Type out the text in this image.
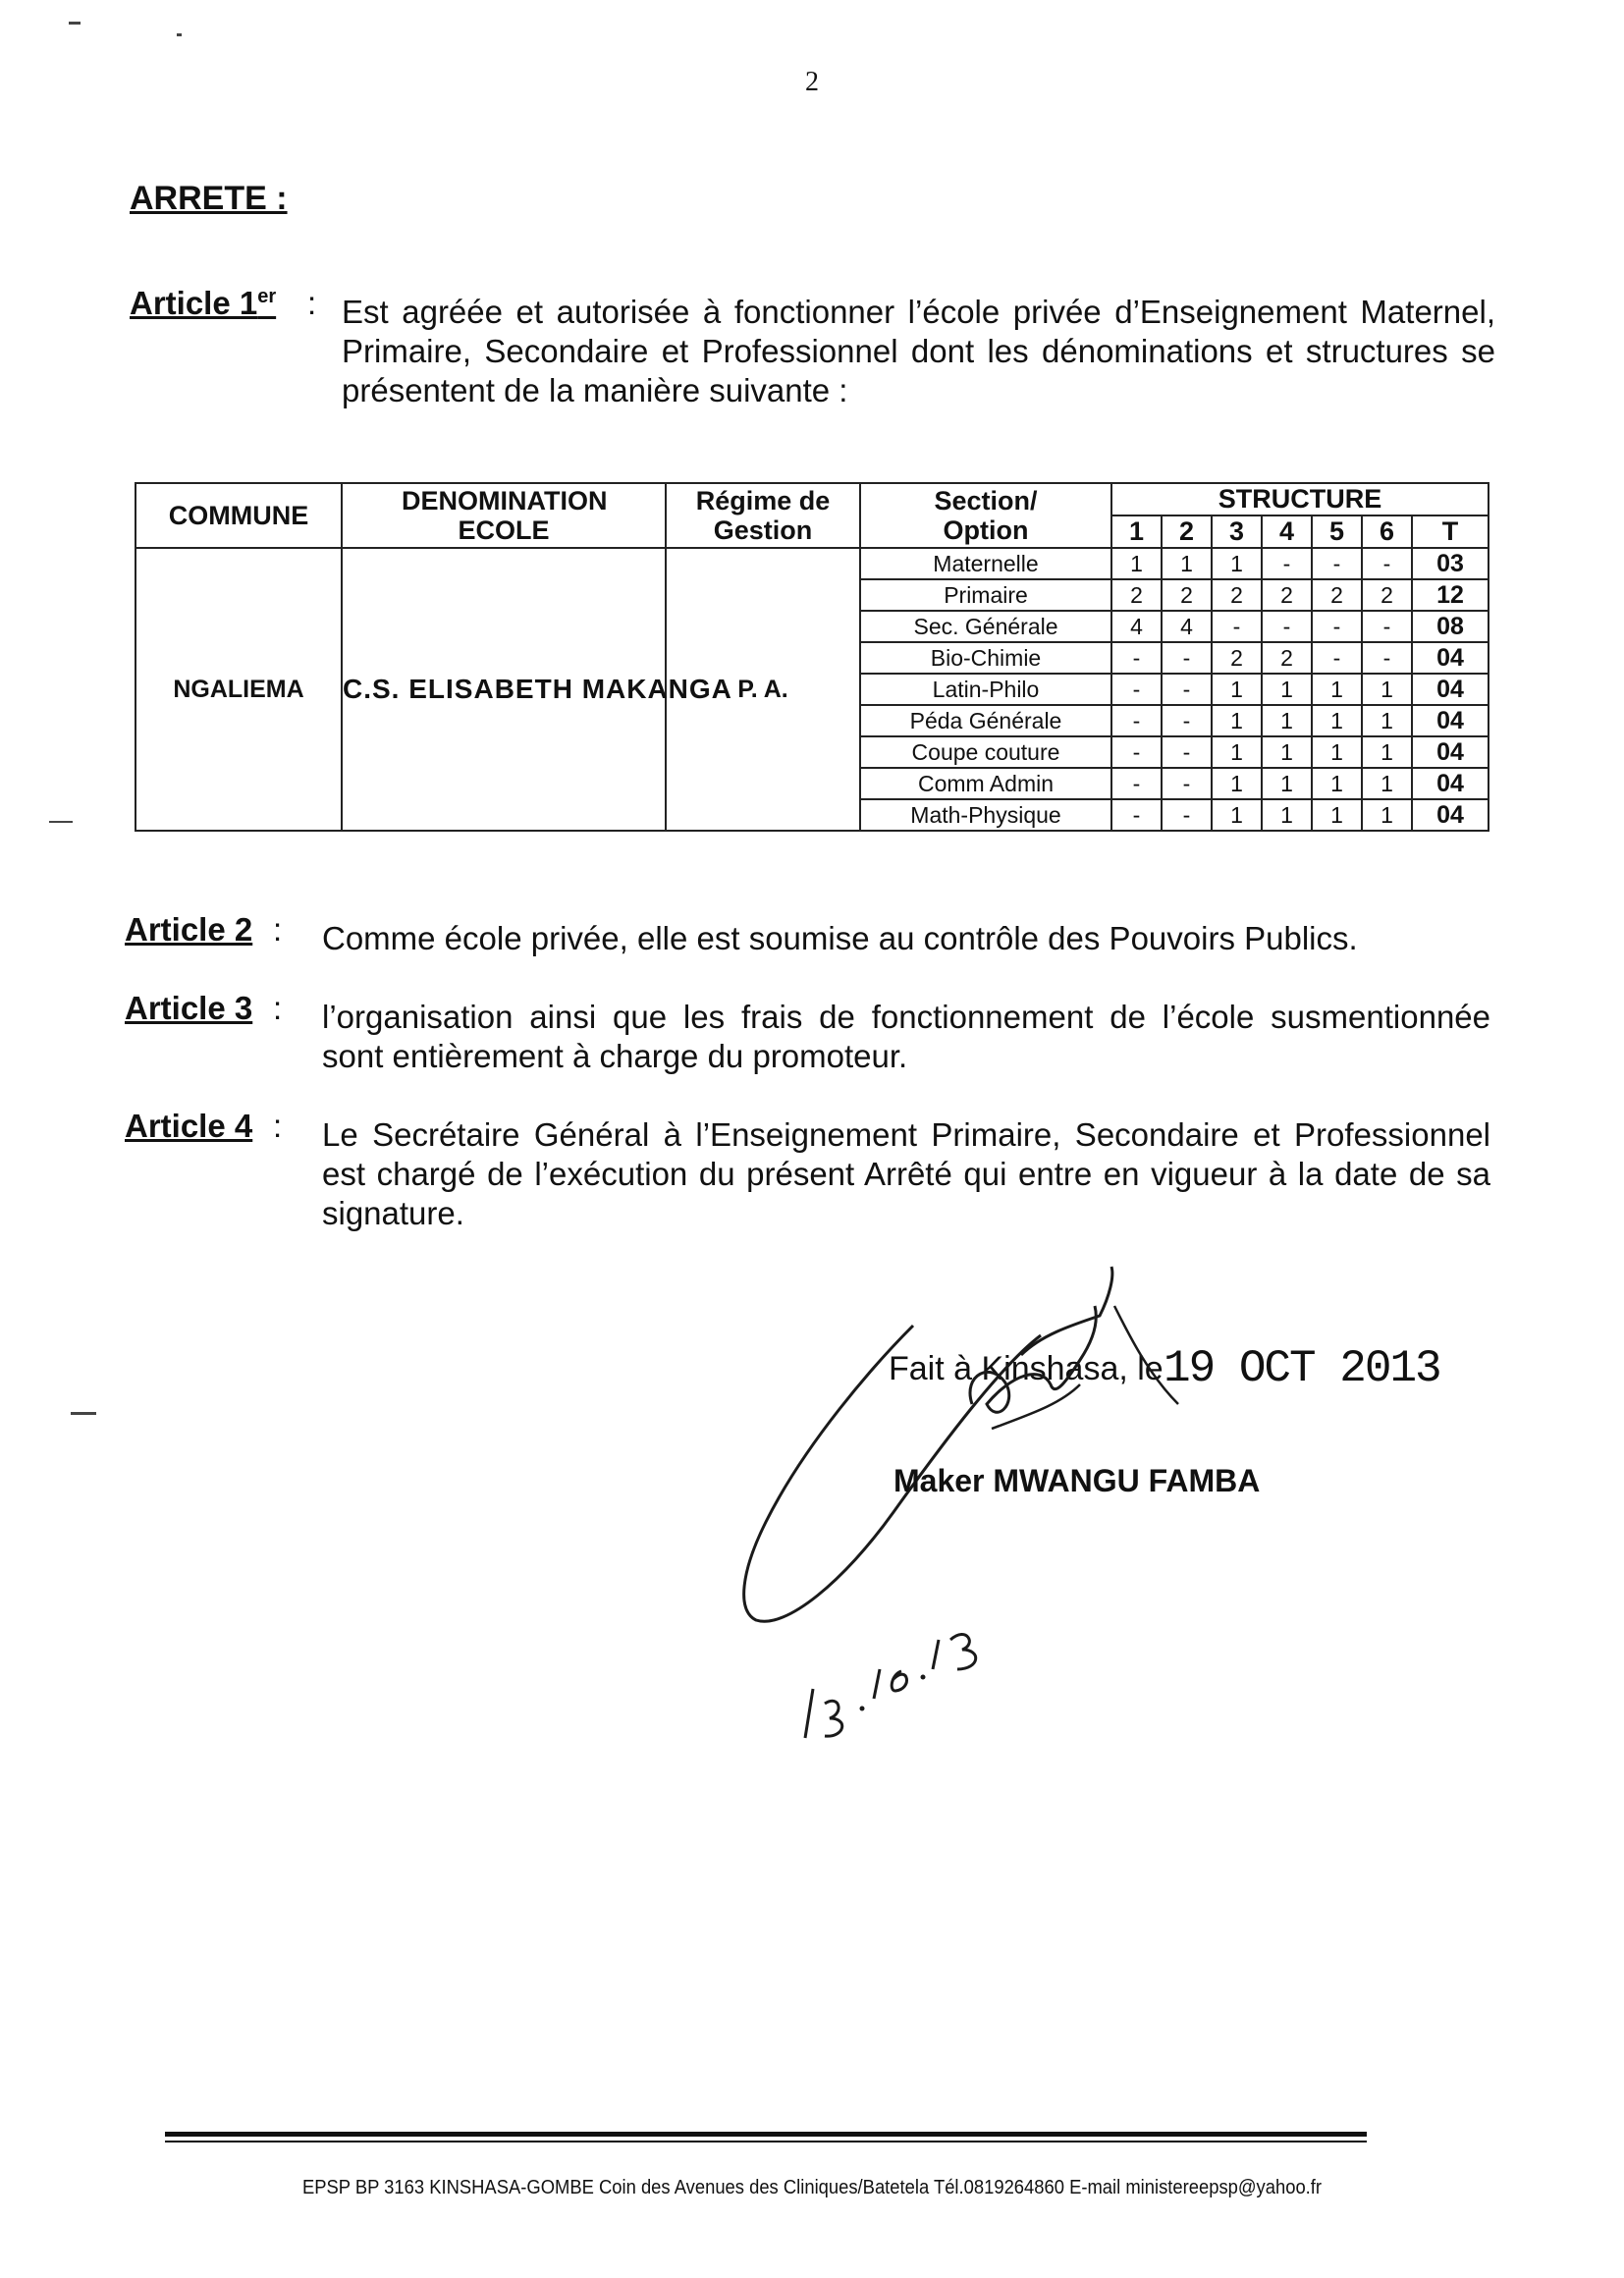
2
ARRETE :
Article 1er : Est agréée et autorisée à fonctionner l’école privée d’Enseignement Maternel, Primaire, Secondaire et Professionnel dont les dénominations et structures se présentent de la manière suivante :
COMMUNE	DENOMINATION ECOLE	Régime de Gestion	Section/ Option	STRUCTURE						
				1	2	3	4	5	6	T
NGALIEMA	C.S. ELISABETH MAKANGA	P. A.	Maternelle	1	1	1	-	-	-	03
			Primaire	2	2	2	2	2	2	12
			Sec. Générale	4	4	-	-	-	-	08
			Bio-Chimie	-	-	2	2	-	-	04
			Latin-Philo	-	-	1	1	1	1	04
			Péda Générale	-	-	1	1	1	1	04
			Coupe couture	-	-	1	1	1	1	04
			Comm Admin	-	-	1	1	1	1	04
			Math-Physique	-	-	1	1	1	1	04
Article 2 : Comme école privée, elle est soumise au contrôle des Pouvoirs Publics.
Article 3 : l’organisation ainsi que les frais de fonctionnement de l’école susmentionnée sont entièrement à charge du promoteur.
Article 4 : Le Secrétaire Général à l’Enseignement Primaire, Secondaire et Professionnel est chargé de l’exécution du présent Arrêté qui entre en vigueur à la date de sa signature.
Fait à Kinshasa, le 19 OCT 2013
Maker MWANGU FAMBA
EPSP BP 3163 KINSHASA-GOMBE Coin des Avenues des Cliniques/Batetela Tél.0819264860 E-mail ministereepsp@yahoo.fr
